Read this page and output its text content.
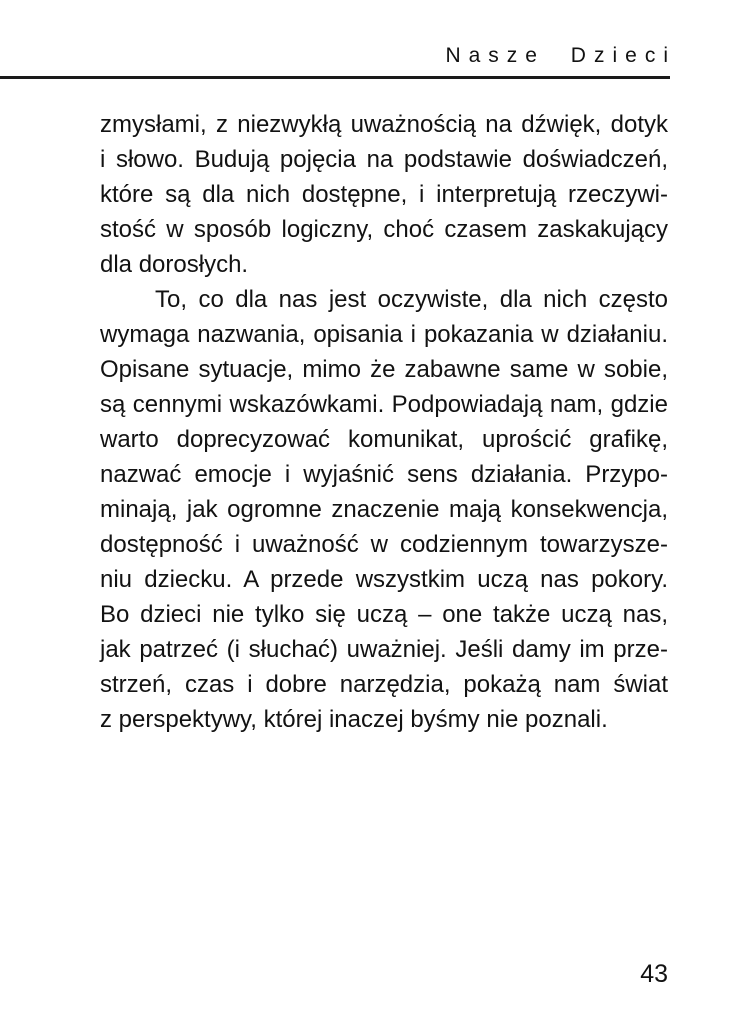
Nasze Dzieci
zmysłami, z niezwykłą uważnością na dźwięk, dotyk
i słowo. Budują pojęcia na podstawie doświadczeń,
które są dla nich dostępne, i interpretują rzeczywi-
stość w sposób logiczny, choć czasem zaskakujący
dla dorosłych.
To, co dla nas jest oczywiste, dla nich często
wymaga nazwania, opisania i pokazania w działaniu.
Opisane sytuacje, mimo że zabawne same w sobie,
są cennymi wskazówkami. Podpowiadają nam, gdzie
warto doprecyzować komunikat, uprościć grafikę,
nazwać emocje i wyjaśnić sens działania. Przypo-
minają, jak ogromne znaczenie mają konsekwencja,
dostępność i uważność w codziennym towarzysze-
niu dziecku. A przede wszystkim uczą nas pokory.
Bo dzieci nie tylko się uczą – one także uczą nas,
jak patrzeć (i słuchać) uważniej. Jeśli damy im prze-
strzeń, czas i dobre narzędzia, pokażą nam świat
z perspektywy, której inaczej byśmy nie poznali.
43
